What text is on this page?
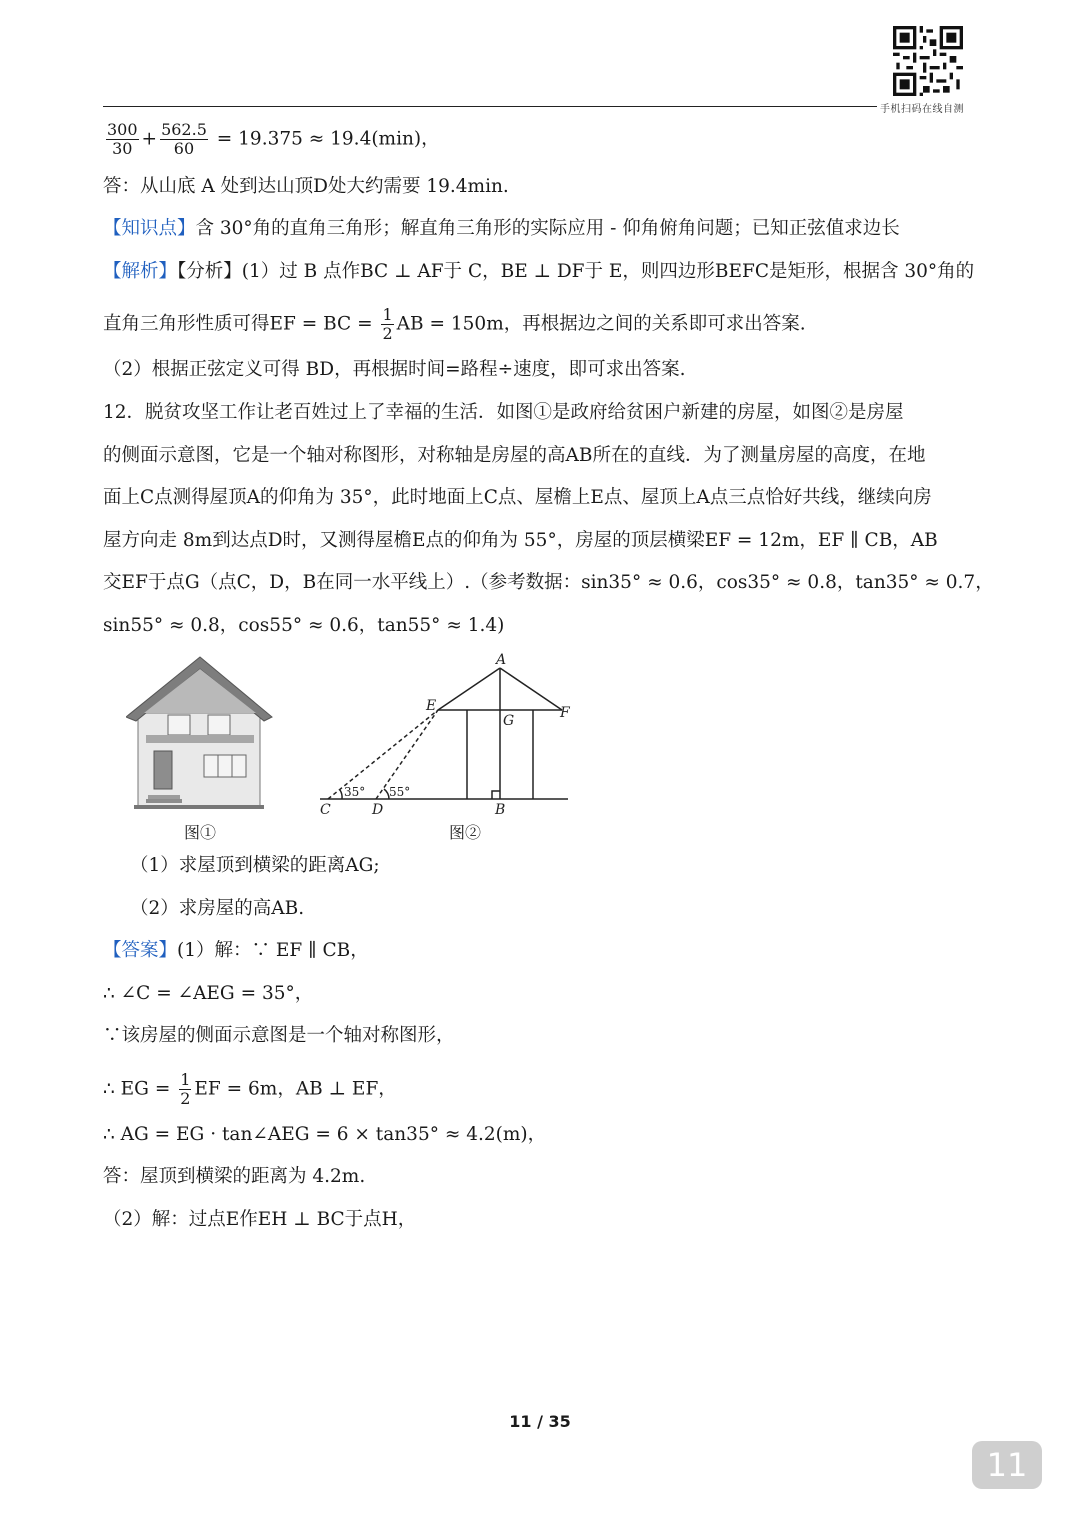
手机扫码在线自测
$\frac{300}{30} + \frac{562.5}{60} = 19.375 \approx 19.4(\min)$，
答：从山底 A 处到达山顶D处大约需要 19.4min.
【知识点】含 30°角的直角三角形；解直角三角形的实际应用 - 仰角俯角问题；已知正弦值求边长
【解析】【分析】(1）过 B 点作BC ⊥ AF于 C，BE ⊥ DF于 E，则四边形BEFC是矩形，根据含 30°角的
直角三角形性质可得EF = BC = $\frac{1}{2}$ AB = 150m，再根据边之间的关系即可求出答案.
（2）根据正弦定义可得 BD，再根据时间=路程÷速度，即可求出答案.
12．脱贫攻坚工作让老百姓过上了幸福的生活．如图①是政府给贫困户新建的房屋，如图②是房屋
的侧面示意图，它是一个轴对称图形，对称轴是房屋的高AB所在的直线．为了测量房屋的高度，在地
面上C点测得屋顶A的仰角为 35°，此时地面上C点、屋檐上E点、屋顶上A点三点恰好共线，继续向房
屋方向走 8m到达点D时，又测得屋檐E点的仰角为 55°，房屋的顶层横梁EF = 12m，EF ∥ CB，AB
交EF于点G（点C，D，B在同一水平线上）.（参考数据：sin35° ≈ 0.6，cos35° ≈ 0.8，tan35° ≈ 0.7，
sin55° ≈ 0.8，cos55° ≈ 0.6，tan55° ≈ 1.4)
图①
A
E	F
G
C	D	B
35° 55°
图②
（1）求屋顶到横梁的距离AG;
（2）求房屋的高AB.
【答案】(1）解：∵ EF ∥ CB，
∴ ∠C = ∠AEG = 35°，
∵该房屋的侧面示意图是一个轴对称图形，
∴ EG = $\frac{1}{2}$ EF = 6m，AB ⊥ EF，
∴ AG = EG · tan∠AEG = 6 × tan35° ≈ 4.2(m)，
答：屋顶到横梁的距离为 4.2m.
（2）解：过点E作EH ⊥ BC于点H，
11 / 35
11
